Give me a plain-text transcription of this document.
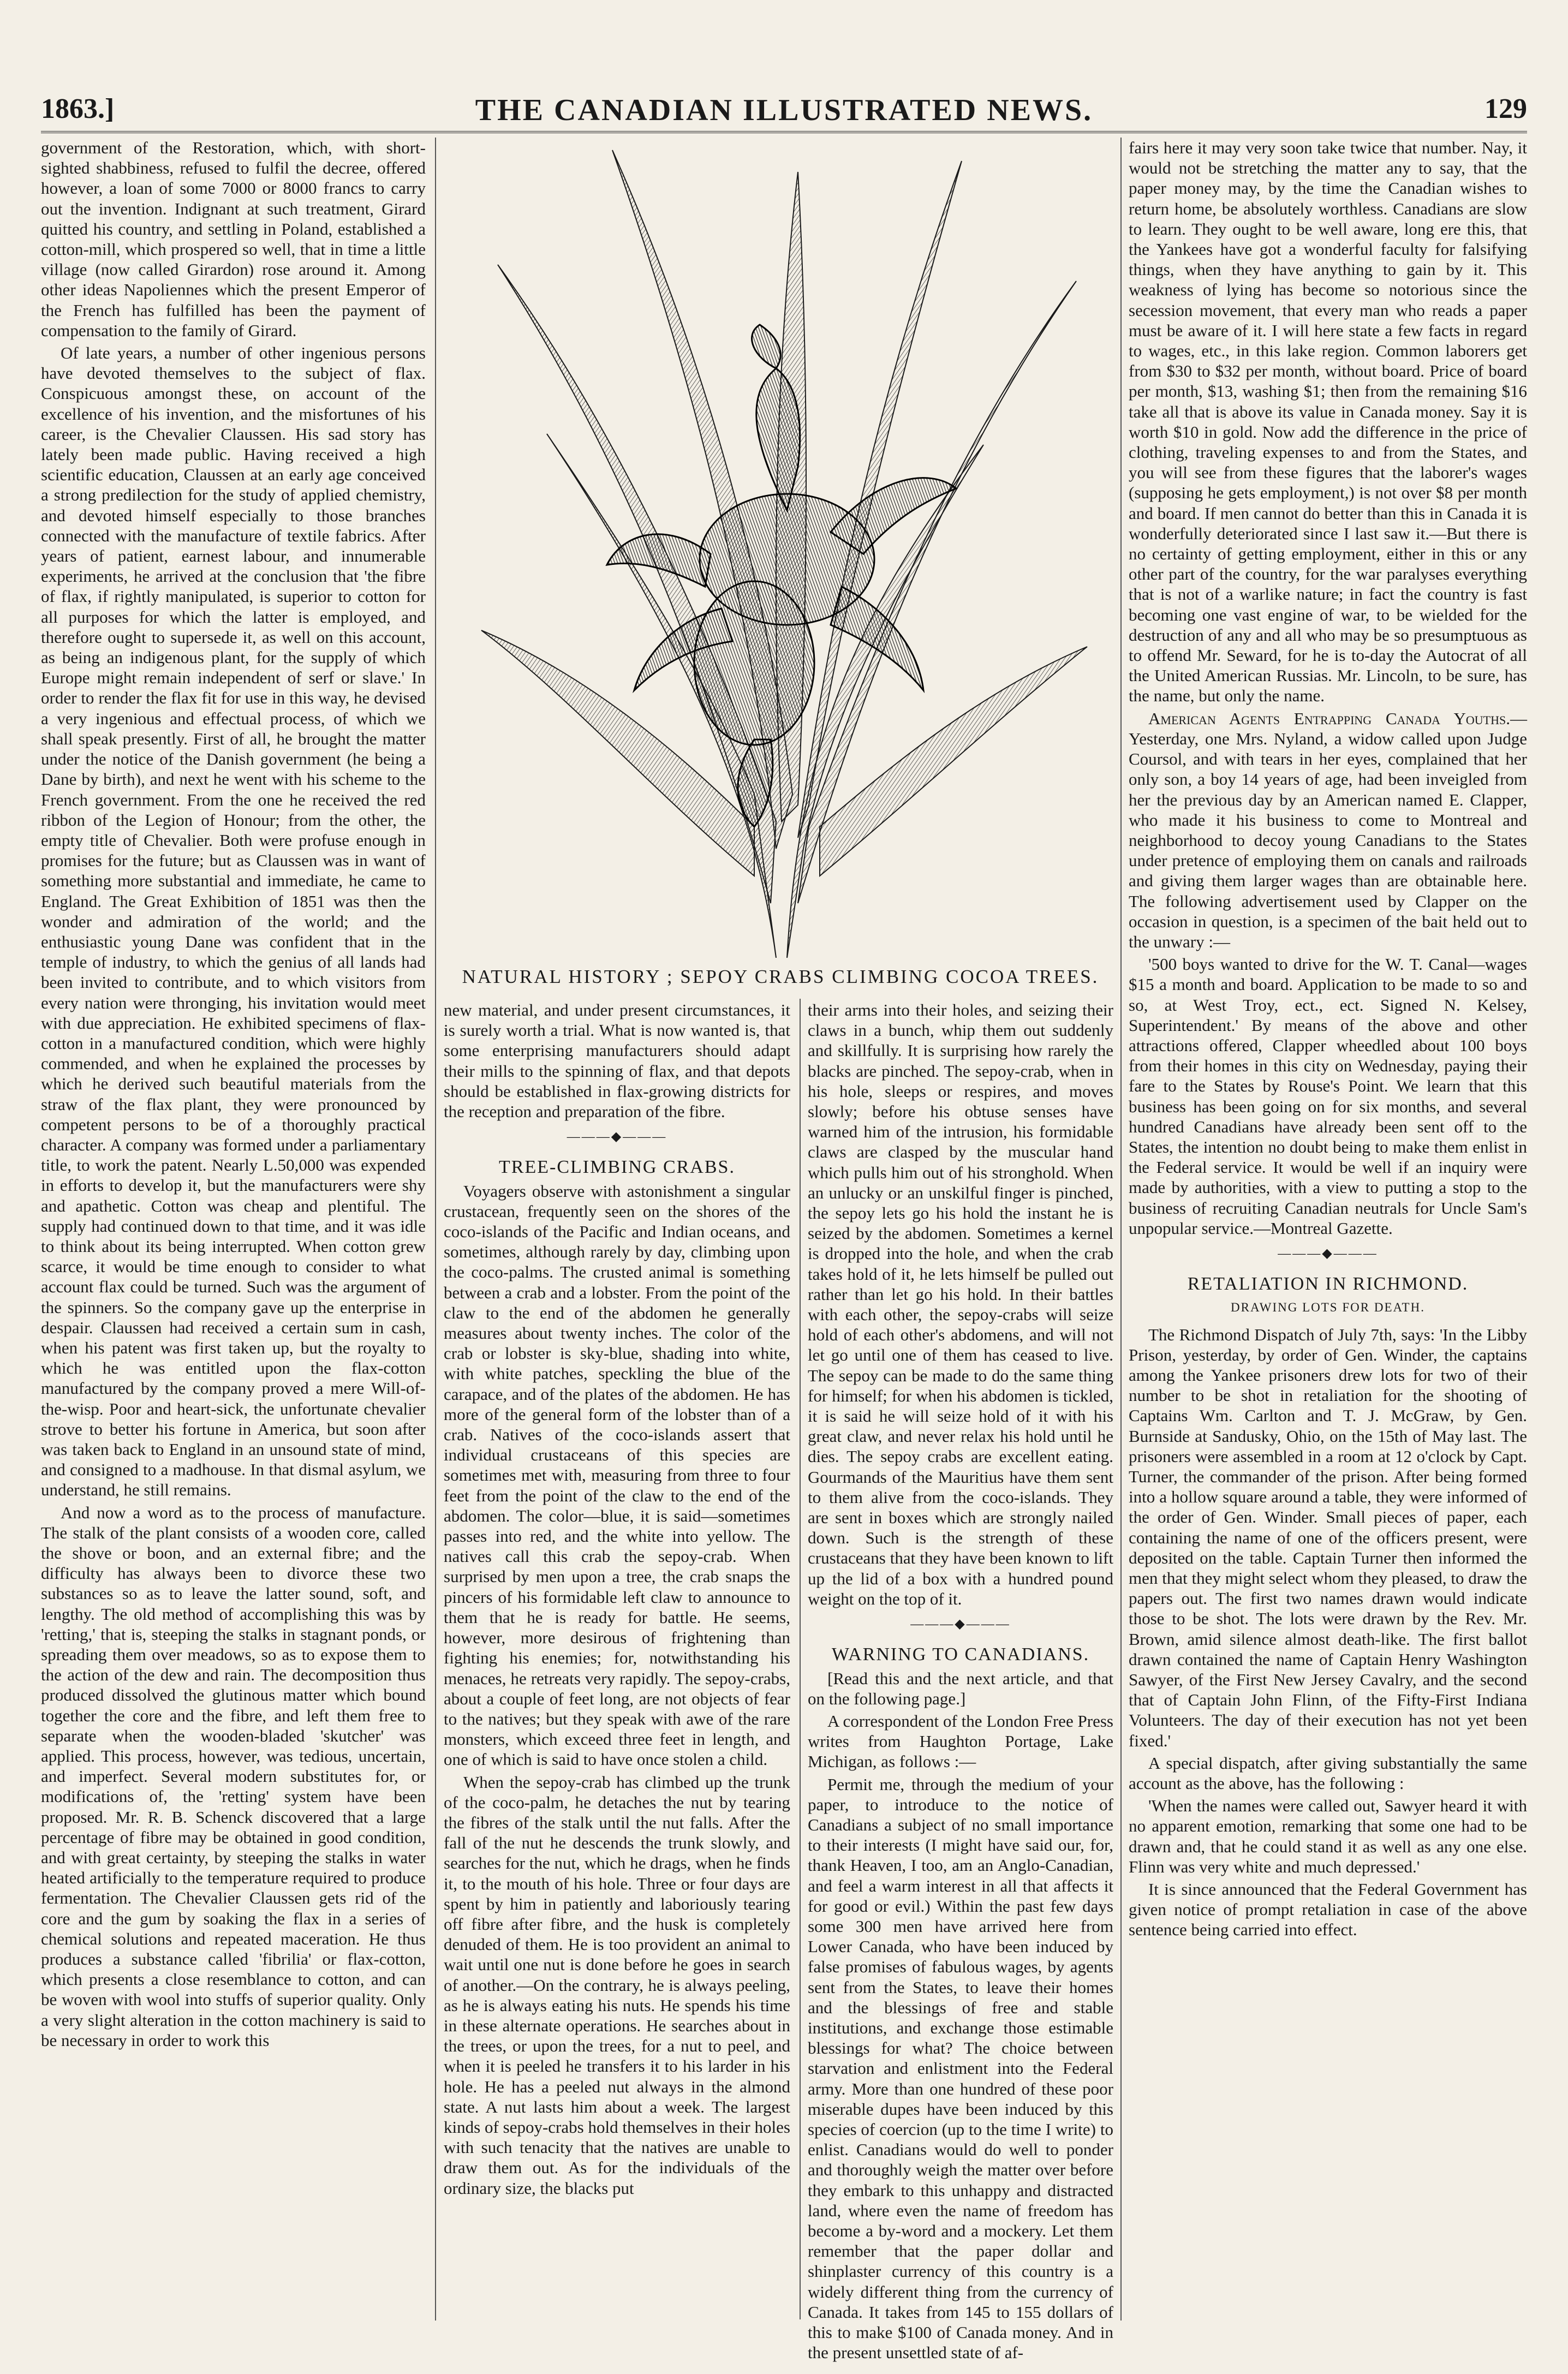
1863.]	THE CANADIAN ILLUSTRATED NEWS.	129

government of the Restoration, which, with short-sighted shabbiness, refused to fulfil the decree, offered however, a loan of some 7000 or 8000 francs to carry out the invention. Indignant at such treatment, Girard quitted his country, and settling in Poland, established a cotton-mill, which prospered so well, that in time a little village (now called Girardon) rose around it. Among other ideas Napoliennes which the present Emperor of the French has fulfilled has been the payment of compensation to the family of Girard.

Of late years, a number of other ingenious persons have devoted themselves to the subject of flax. Conspicuous amongst these, on account of the excellence of his invention, and the misfortunes of his career, is the Chevalier Claussen. His sad story has lately been made public. Having received a high scientific education, Claussen at an early age conceived a strong predilection for the study of applied chemistry, and devoted himself especially to those branches connected with the manufacture of textile fabrics. After years of patient, earnest labour, and innumerable experiments, he arrived at the conclusion that 'the fibre of flax, if rightly manipulated, is superior to cotton for all purposes for which the latter is employed, and therefore ought to supersede it, as well on this account, as being an indigenous plant, for the supply of which Europe might remain independent of serf or slave.' In order to render the flax fit for use in this way, he devised a very ingenious and effectual process, of which we shall speak presently. First of all, he brought the matter under the notice of the Danish government (he being a Dane by birth), and next he went with his scheme to the French government. From the one he received the red ribbon of the Legion of Honour; from the other, the empty title of Chevalier. Both were profuse enough in promises for the future; but as Claussen was in want of something more substantial and immediate, he came to England. The Great Exhibition of 1851 was then the wonder and admiration of the world; and the enthusiastic young Dane was confident that in the temple of industry, to which the genius of all lands had been invited to contribute, and to which visitors from every nation were thronging, his invitation would meet with due appreciation. He exhibited specimens of flax-cotton in a manufactured condition, which were highly commended, and when he explained the processes by which he derived such beautiful materials from the straw of the flax plant, they were pronounced by competent persons to be of a thoroughly practical character. A company was formed under a parliamentary title, to work the patent. Nearly L.50,000 was expended in efforts to develop it, but the manufacturers were shy and apathetic. Cotton was cheap and plentiful. The supply had continued down to that time, and it was idle to think about its being interrupted. When cotton grew scarce, it would be time enough to consider to what account flax could be turned. Such was the argument of the spinners. So the company gave up the enterprise in despair. Claussen had received a certain sum in cash, when his patent was first taken up, but the royalty to which he was entitled upon the flax-cotton manufactured by the company proved a mere Will-of-the-wisp. Poor and heart-sick, the unfortunate chevalier strove to better his fortune in America, but soon after was taken back to England in an unsound state of mind, and consigned to a madhouse. In that dismal asylum, we understand, he still remains.

And now a word as to the process of manufacture. The stalk of the plant consists of a wooden core, called the shove or boon, and an external fibre; and the difficulty has always been to divorce these two substances so as to leave the latter sound, soft, and lengthy. The old method of accomplishing this was by 'retting,' that is, steeping the stalks in stagnant ponds, or spreading them over meadows, so as to expose them to the action of the dew and rain. The decomposition thus produced dissolved the glutinous matter which bound together the core and the fibre, and left them free to separate when the wooden-bladed 'skutcher' was applied. This process, however, was tedious, uncertain, and imperfect. Several modern substitutes for, or modifications of, the 'retting' system have been proposed. Mr. R. B. Schenck discovered that a large percentage of fibre may be obtained in good condition, and with great certainty, by steeping the stalks in water heated artificially to the temperature required to produce fermentation. The Chevalier Claussen gets rid of the core and the gum by soaking the flax in a series of chemical solutions and repeated maceration. He thus produces a substance called 'fibrilia' or flax-cotton, which presents a close resemblance to cotton, and can be woven with wool into stuffs of superior quality. Only a very slight alteration in the cotton machinery is said to be necessary in order to work this

NATURAL HISTORY ; SEPOY CRABS CLIMBING COCOA TREES.

new material, and under present circumstances, it is surely worth a trial. What is now wanted is, that some enterprising manufacturers should adapt their mills to the spinning of flax, and that depots should be established in flax-growing districts for the reception and preparation of the fibre.

———◆———

TREE-CLIMBING CRABS.

Voyagers observe with astonishment a singular crustacean, frequently seen on the shores of the coco-islands of the Pacific and Indian oceans, and sometimes, although rarely by day, climbing upon the coco-palms. The crusted animal is something between a crab and a lobster. From the point of the claw to the end of the abdomen he generally measures about twenty inches. The color of the crab or lobster is sky-blue, shading into white, with white patches, speckling the blue of the carapace, and of the plates of the abdomen. He has more of the general form of the lobster than of a crab. Natives of the coco-islands assert that individual crustaceans of this species are sometimes met with, measuring from three to four feet from the point of the claw to the end of the abdomen. The color—blue, it is said—sometimes passes into red, and the white into yellow. The natives call this crab the sepoy-crab. When surprised by men upon a tree, the crab snaps the pincers of his formidable left claw to announce to them that he is ready for battle. He seems, however, more desirous of frightening than fighting his enemies; for, notwithstanding his menaces, he retreats very rapidly. The sepoy-crabs, about a couple of feet long, are not objects of fear to the natives; but they speak with awe of the rare monsters, which exceed three feet in length, and one of which is said to have once stolen a child.

When the sepoy-crab has climbed up the trunk of the coco-palm, he detaches the nut by tearing the fibres of the stalk until the nut falls. After the fall of the nut he descends the trunk slowly, and searches for the nut, which he drags, when he finds it, to the mouth of his hole. Three or four days are spent by him in patiently and laboriously tearing off fibre after fibre, and the husk is completely denuded of them. He is too provident an animal to wait until one nut is done before he goes in search of another.—On the contrary, he is always peeling, as he is always eating his nuts. He spends his time in these alternate operations. He searches about in the trees, or upon the trees, for a nut to peel, and when it is peeled he transfers it to his larder in his hole. He has a peeled nut always in the almond state. A nut lasts him about a week. The largest kinds of sepoy-crabs hold themselves in their holes with such tenacity that the natives are unable to draw them out. As for the individuals of the ordinary size, the blacks put

their arms into their holes, and seizing their claws in a bunch, whip them out suddenly and skillfully. It is surprising how rarely the blacks are pinched. The sepoy-crab, when in his hole, sleeps or respires, and moves slowly; before his obtuse senses have warned him of the intrusion, his formidable claws are clasped by the muscular hand which pulls him out of his stronghold. When an unlucky or an unskilful finger is pinched, the sepoy lets go his hold the instant he is seized by the abdomen. Sometimes a kernel is dropped into the hole, and when the crab takes hold of it, he lets himself be pulled out rather than let go his hold. In their battles with each other, the sepoy-crabs will seize hold of each other's abdomens, and will not let go until one of them has ceased to live. The sepoy can be made to do the same thing for himself; for when his abdomen is tickled, it is said he will seize hold of it with his great claw, and never relax his hold until he dies. The sepoy crabs are excellent eating. Gourmands of the Mauritius have them sent to them alive from the coco-islands. They are sent in boxes which are strongly nailed down. Such is the strength of these crustaceans that they have been known to lift up the lid of a box with a hundred pound weight on the top of it.

———◆———

WARNING TO CANADIANS.

[Read this and the next article, and that on the following page.]

A correspondent of the London Free Press writes from Haughton Portage, Lake Michigan, as follows :—

Permit me, through the medium of your paper, to introduce to the notice of Canadians a subject of no small importance to their interests (I might have said our, for, thank Heaven, I too, am an Anglo-Canadian, and feel a warm interest in all that affects it for good or evil.) Within the past few days some 300 men have arrived here from Lower Canada, who have been induced by false promises of fabulous wages, by agents sent from the States, to leave their homes and the blessings of free and stable institutions, and exchange those estimable blessings for what? The choice between starvation and enlistment into the Federal army. More than one hundred of these poor miserable dupes have been induced by this species of coercion (up to the time I write) to enlist. Canadians would do well to ponder and thoroughly weigh the matter over before they embark to this unhappy and distracted land, where even the name of freedom has become a by-word and a mockery. Let them remember that the paper dollar and shinplaster currency of this country is a widely different thing from the currency of Canada. It takes from 145 to 155 dollars of this to make $100 of Canada money. And in the present unsettled state of af-

fairs here it may very soon take twice that number. Nay, it would not be stretching the matter any to say, that the paper money may, by the time the Canadian wishes to return home, be absolutely worthless. Canadians are slow to learn. They ought to be well aware, long ere this, that the Yankees have got a wonderful faculty for falsifying things, when they have anything to gain by it. This weakness of lying has become so notorious since the secession movement, that every man who reads a paper must be aware of it. I will here state a few facts in regard to wages, etc., in this lake region. Common laborers get from $30 to $32 per month, without board. Price of board per month, $13, washing $1; then from the remaining $16 take all that is above its value in Canada money. Say it is worth $10 in gold. Now add the difference in the price of clothing, traveling expenses to and from the States, and you will see from these figures that the laborer's wages (supposing he gets employment,) is not over $8 per month and board. If men cannot do better than this in Canada it is wonderfully deteriorated since I last saw it.—But there is no certainty of getting employment, either in this or any other part of the country, for the war paralyses everything that is not of a warlike nature; in fact the country is fast becoming one vast engine of war, to be wielded for the destruction of any and all who may be so presumptuous as to offend Mr. Seward, for he is to-day the Autocrat of all the United American Russias. Mr. Lincoln, to be sure, has the name, but only the name.

American Agents Entrapping Canada Youths.—Yesterday, one Mrs. Nyland, a widow called upon Judge Coursol, and with tears in her eyes, complained that her only son, a boy 14 years of age, had been inveigled from her the previous day by an American named E. Clapper, who made it his business to come to Montreal and neighborhood to decoy young Canadians to the States under pretence of employing them on canals and railroads and giving them larger wages than are obtainable here. The following advertisement used by Clapper on the occasion in question, is a specimen of the bait held out to the unwary :—

'500 boys wanted to drive for the W. T. Canal—wages $15 a month and board. Application to be made to so and so, at West Troy, ect., ect. Signed N. Kelsey, Superintendent.' By means of the above and other attractions offered, Clapper wheedled about 100 boys from their homes in this city on Wednesday, paying their fare to the States by Rouse's Point. We learn that this business has been going on for six months, and several hundred Canadians have already been sent off to the States, the intention no doubt being to make them enlist in the Federal service. It would be well if an inquiry were made by authorities, with a view to putting a stop to the business of recruiting Canadian neutrals for Uncle Sam's unpopular service.—Montreal Gazette.

———◆———

RETALIATION IN RICHMOND.

DRAWING LOTS FOR DEATH.

The Richmond Dispatch of July 7th, says: 'In the Libby Prison, yesterday, by order of Gen. Winder, the captains among the Yankee prisoners drew lots for two of their number to be shot in retaliation for the shooting of Captains Wm. Carlton and T. J. McGraw, by Gen. Burnside at Sandusky, Ohio, on the 15th of May last. The prisoners were assembled in a room at 12 o'clock by Capt. Turner, the commander of the prison. After being formed into a hollow square around a table, they were informed of the order of Gen. Winder. Small pieces of paper, each containing the name of one of the officers present, were deposited on the table. Captain Turner then informed the men that they might select whom they pleased, to draw the papers out. The first two names drawn would indicate those to be shot. The lots were drawn by the Rev. Mr. Brown, amid silence almost death-like. The first ballot drawn contained the name of Captain Henry Washington Sawyer, of the First New Jersey Cavalry, and the second that of Captain John Flinn, of the Fifty-First Indiana Volunteers. The day of their execution has not yet been fixed.'

A special dispatch, after giving substantially the same account as the above, has the following :

'When the names were called out, Sawyer heard it with no apparent emotion, remarking that some one had to be drawn and, that he could stand it as well as any one else. Flinn was very white and much depressed.'

It is since announced that the Federal Government has given notice of prompt retaliation in case of the above sentence being carried into effect.
